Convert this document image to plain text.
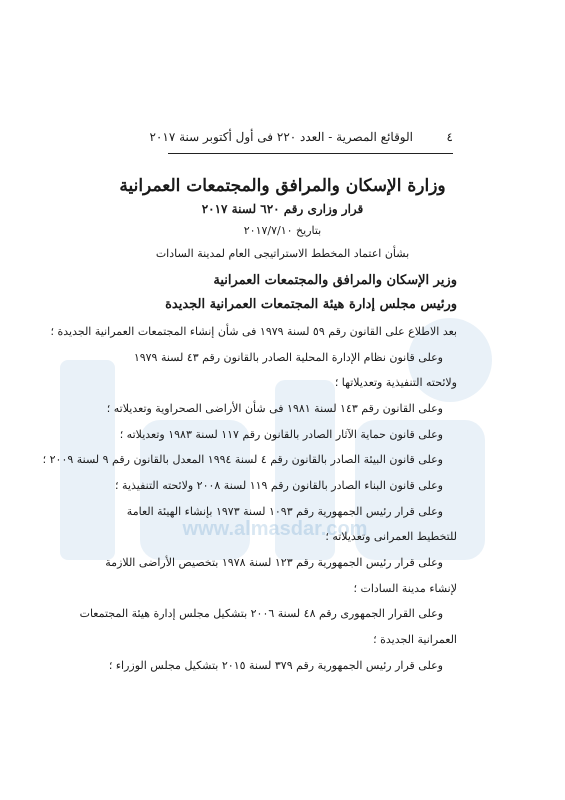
www.almasdar.com
٤
الوقائع المصرية - العدد ٢٢٠ فى أول أكتوبر سنة ٢٠١٧
وزارة الإسكان والمرافق والمجتمعات العمرانية
قرار وزارى رقم ٦٢٠ لسنة ٢٠١٧
بتاريخ ٢٠١٧/٧/١٠
بشأن اعتماد المخطط الاستراتيجى العام لمدينة السادات
وزير الإسكان والمرافق والمجتمعات العمرانية
ورئيس مجلس إدارة هيئة المجتمعات العمرانية الجديدة
بعد الاطلاع على القانون رقم ٥٩ لسنة ١٩٧٩ فى شأن إنشاء المجتمعات العمرانية الجديدة ؛
وعلى قانون نظام الإدارة المحلية الصادر بالقانون رقم ٤٣ لسنة ١٩٧٩
ولائحته التنفيذية وتعديلاتها ؛
وعلى القانون رقم ١٤٣ لسنة ١٩٨١ فى شأن الأراضى الصحراوية وتعديلاته ؛
وعلى قانون حماية الآثار الصادر بالقانون رقم ١١٧ لسنة ١٩٨٣ وتعديلاته ؛
وعلى قانون البيئة الصادر بالقانون رقم ٤ لسنة ١٩٩٤ المعدل بالقانون رقم ٩ لسنة ٢٠٠٩ ؛
وعلى قانون البناء الصادر بالقانون رقم ١١٩ لسنة ٢٠٠٨ ولائحته التنفيذية ؛
وعلى قرار رئيس الجمهورية رقم ١٠٩٣ لسنة ١٩٧٣ بإنشاء الهيئة العامة
للتخطيط العمرانى وتعديلاته ؛
وعلى قرار رئيس الجمهورية رقم ١٢٣ لسنة ١٩٧٨ بتخصيص الأراضى اللازمة
لإنشاء مدينة السادات ؛
وعلى القرار الجمهورى رقم ٤٨ لسنة ٢٠٠٦ بتشكيل مجلس إدارة هيئة المجتمعات
العمرانية الجديدة ؛
وعلى قرار رئيس الجمهورية رقم ٣٧٩ لسنة ٢٠١٥ بتشكيل مجلس الوزراء ؛
